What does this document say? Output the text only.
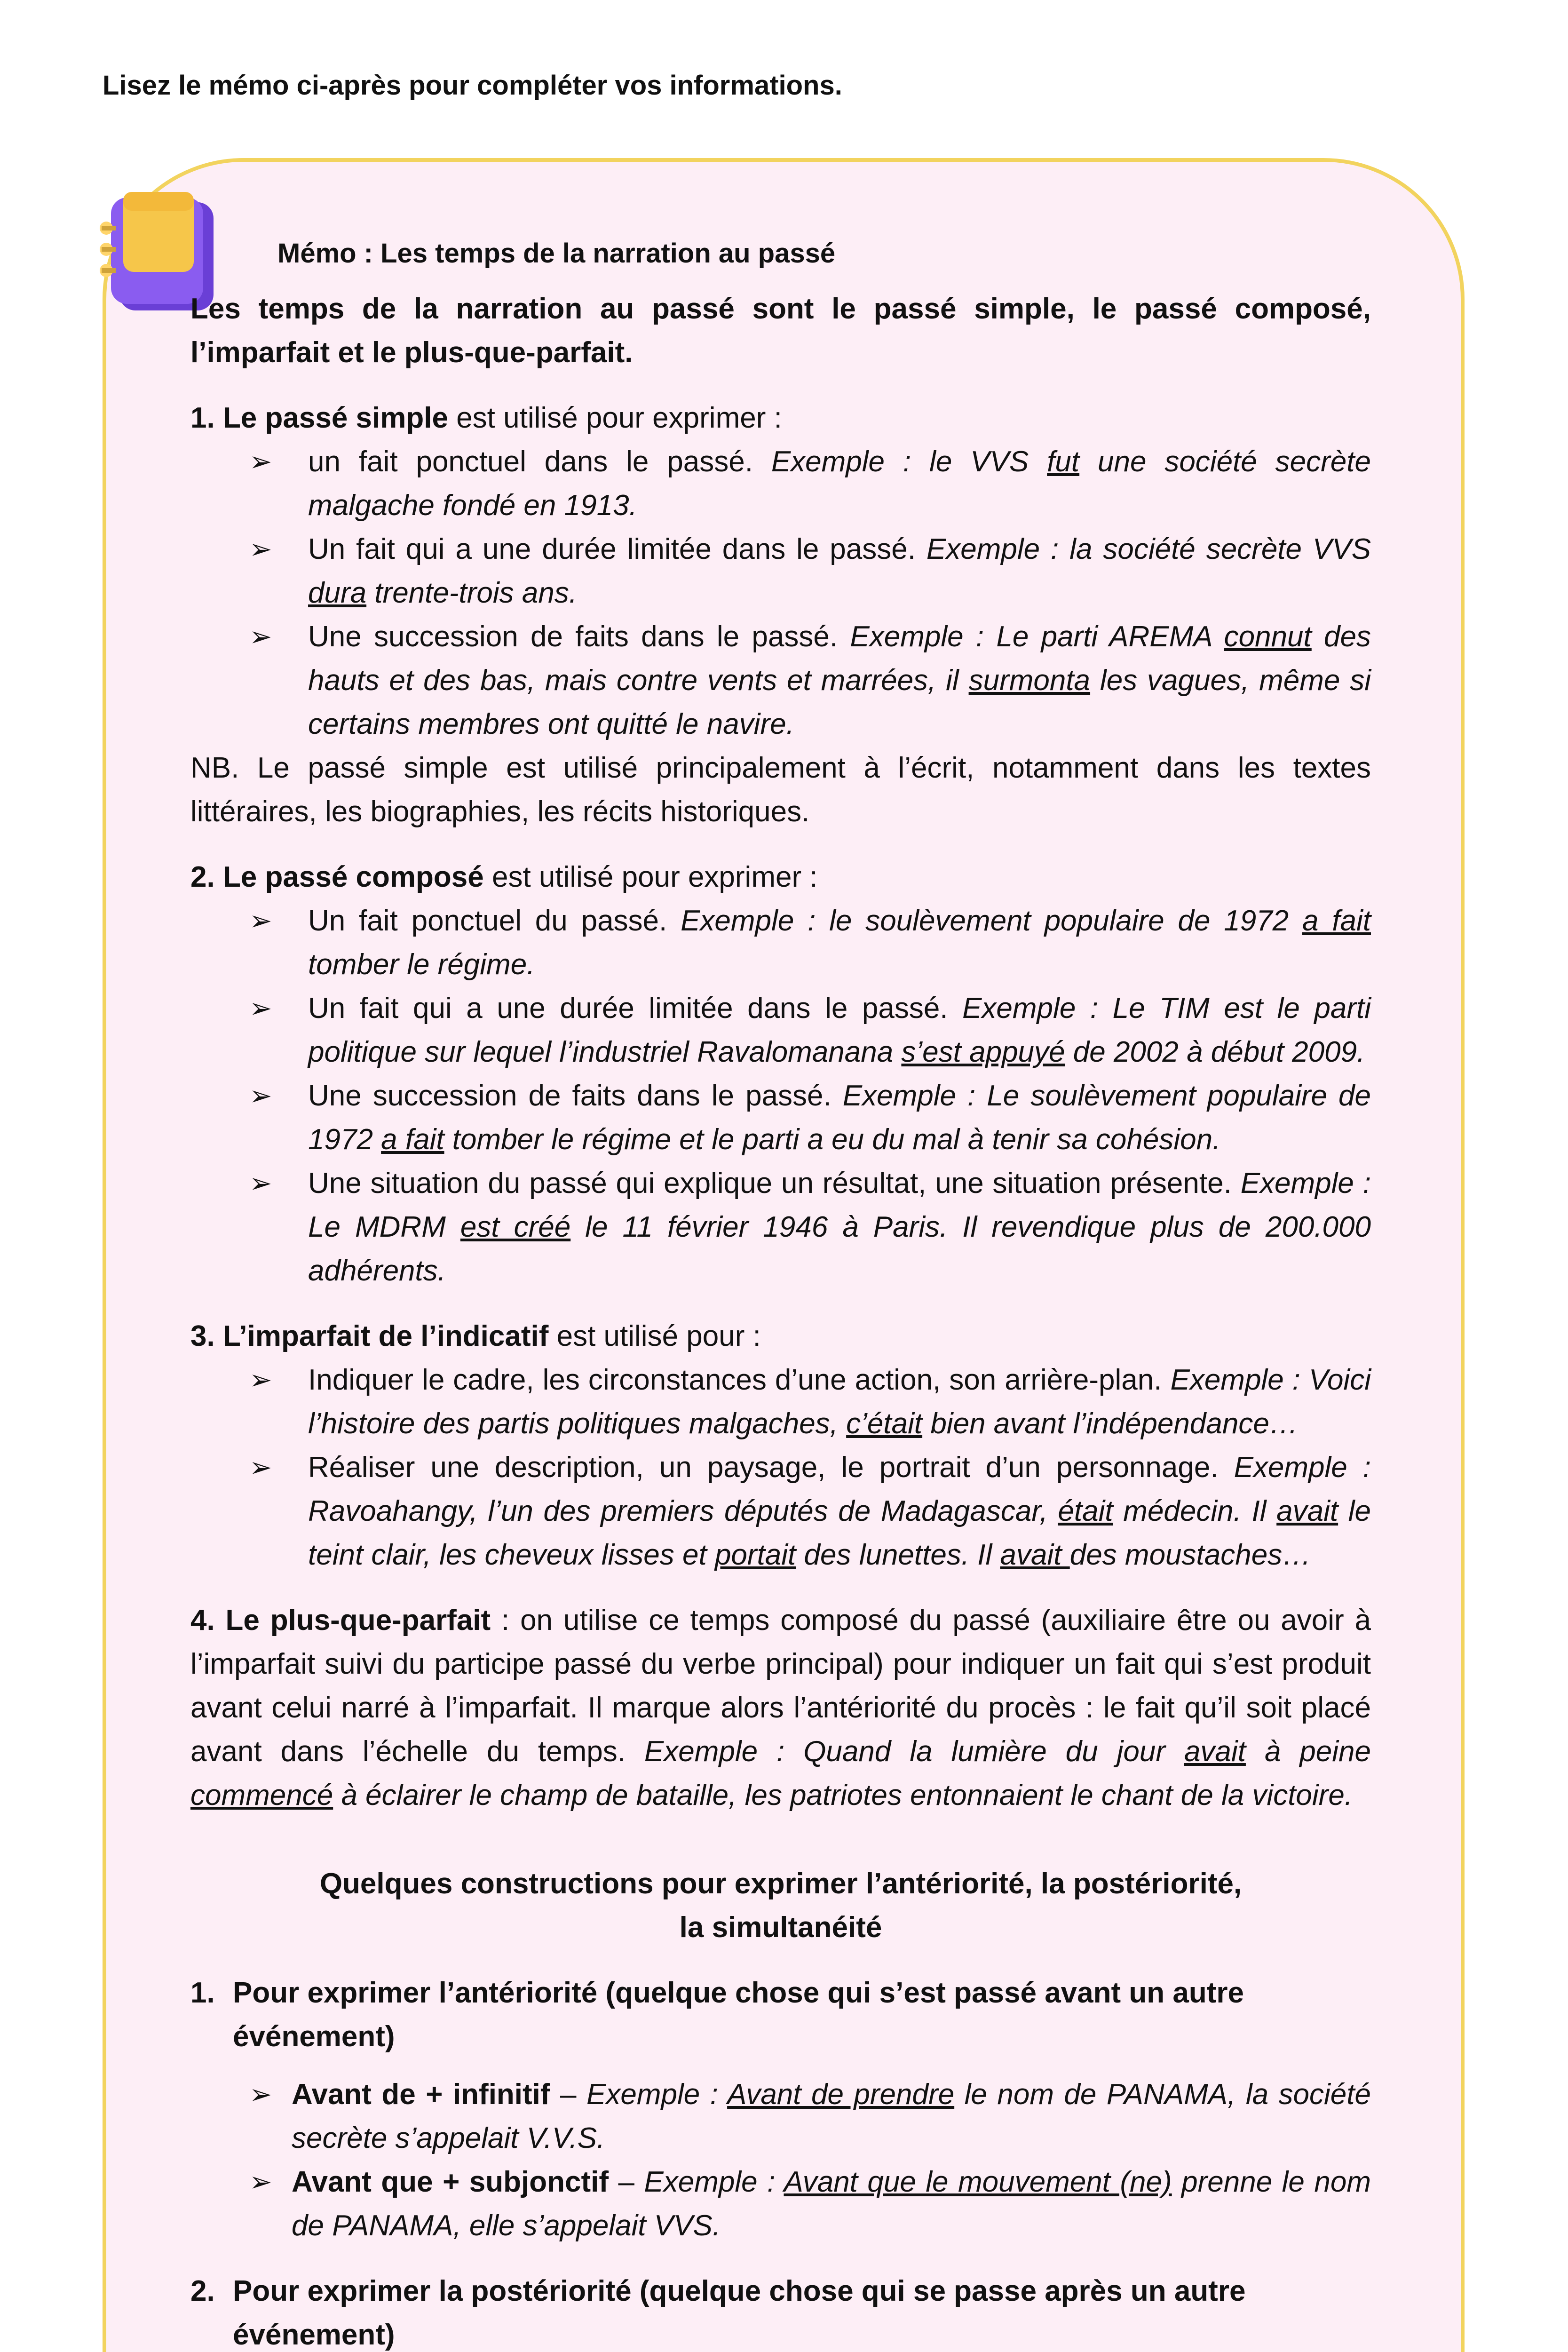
Lisez le mémo ci-après pour compléter vos informations.
Mémo : Les temps de la narration au passé

Les temps de la narration au passé sont le passé simple, le passé composé, l’imparfait et le plus-que-parfait.

1. Le passé simple est utilisé pour exprimer :

➢ un fait ponctuel dans le passé. Exemple : le VVS fut une société secrète malgache fondé en 1913.
➢ Un fait qui a une durée limitée dans le passé. Exemple : la société secrète VVS dura trente-trois ans.
➢ Une succession de faits dans le passé. Exemple : Le parti AREMA connut des hauts et des bas, mais contre vents et marrées, il surmonta les vagues, même si certains membres ont quitté le navire.

NB. Le passé simple est utilisé principalement à l’écrit, notamment dans les textes littéraires, les biographies, les récits historiques.

2. Le passé composé est utilisé pour exprimer :

➢ Un fait ponctuel du passé. Exemple : le soulèvement populaire de 1972 a fait tomber le régime.
➢ Un fait qui a une durée limitée dans le passé. Exemple : Le TIM est le parti politique sur lequel l’industriel Ravalomanana s’est appuyé de 2002 à début 2009.
➢ Une succession de faits dans le passé. Exemple : Le soulèvement populaire de 1972 a fait tomber le régime et le parti a eu du mal à tenir sa cohésion.
➢ Une situation du passé qui explique un résultat, une situation présente. Exemple : Le MDRM est créé le 11 février 1946 à Paris. Il revendique plus de 200.000 adhérents.

3. L’imparfait de l’indicatif est utilisé pour :

➢ Indiquer le cadre, les circonstances d’une action, son arrière-plan. Exemple : Voici l’histoire des partis politiques malgaches, c’était bien avant l’indépendance…
➢ Réaliser une description, un paysage, le portrait d’un personnage. Exemple : Ravoahangy, l’un des premiers députés de Madagascar, était médecin. Il avait le teint clair, les cheveux lisses et portait des lunettes. Il avait des moustaches…

4. Le plus-que-parfait : on utilise ce temps composé du passé (auxiliaire être ou avoir à l’imparfait suivi du participe passé du verbe principal) pour indiquer un fait qui s’est produit avant celui narré à l’imparfait. Il marque alors l’antériorité du procès : le fait qu’il soit placé avant dans l’échelle du temps. Exemple : Quand la lumière du jour avait à peine commencé à éclairer le champ de bataille, les patriotes entonnaient le chant de la victoire.

Quelques constructions pour exprimer l’antériorité, la postériorité,
la simultanéité

1. Pour exprimer l’antériorité (quelque chose qui s’est passé avant un autre événement)

➢ Avant de + infinitif – Exemple : Avant de prendre le nom de PANAMA, la société secrète s’appelait V.V.S.
➢ Avant que + subjonctif – Exemple : Avant que le mouvement (ne) prenne le nom de PANAMA, elle s’appelait VVS.

2. Pour exprimer la postériorité (quelque chose qui se passe après un autre événement)
